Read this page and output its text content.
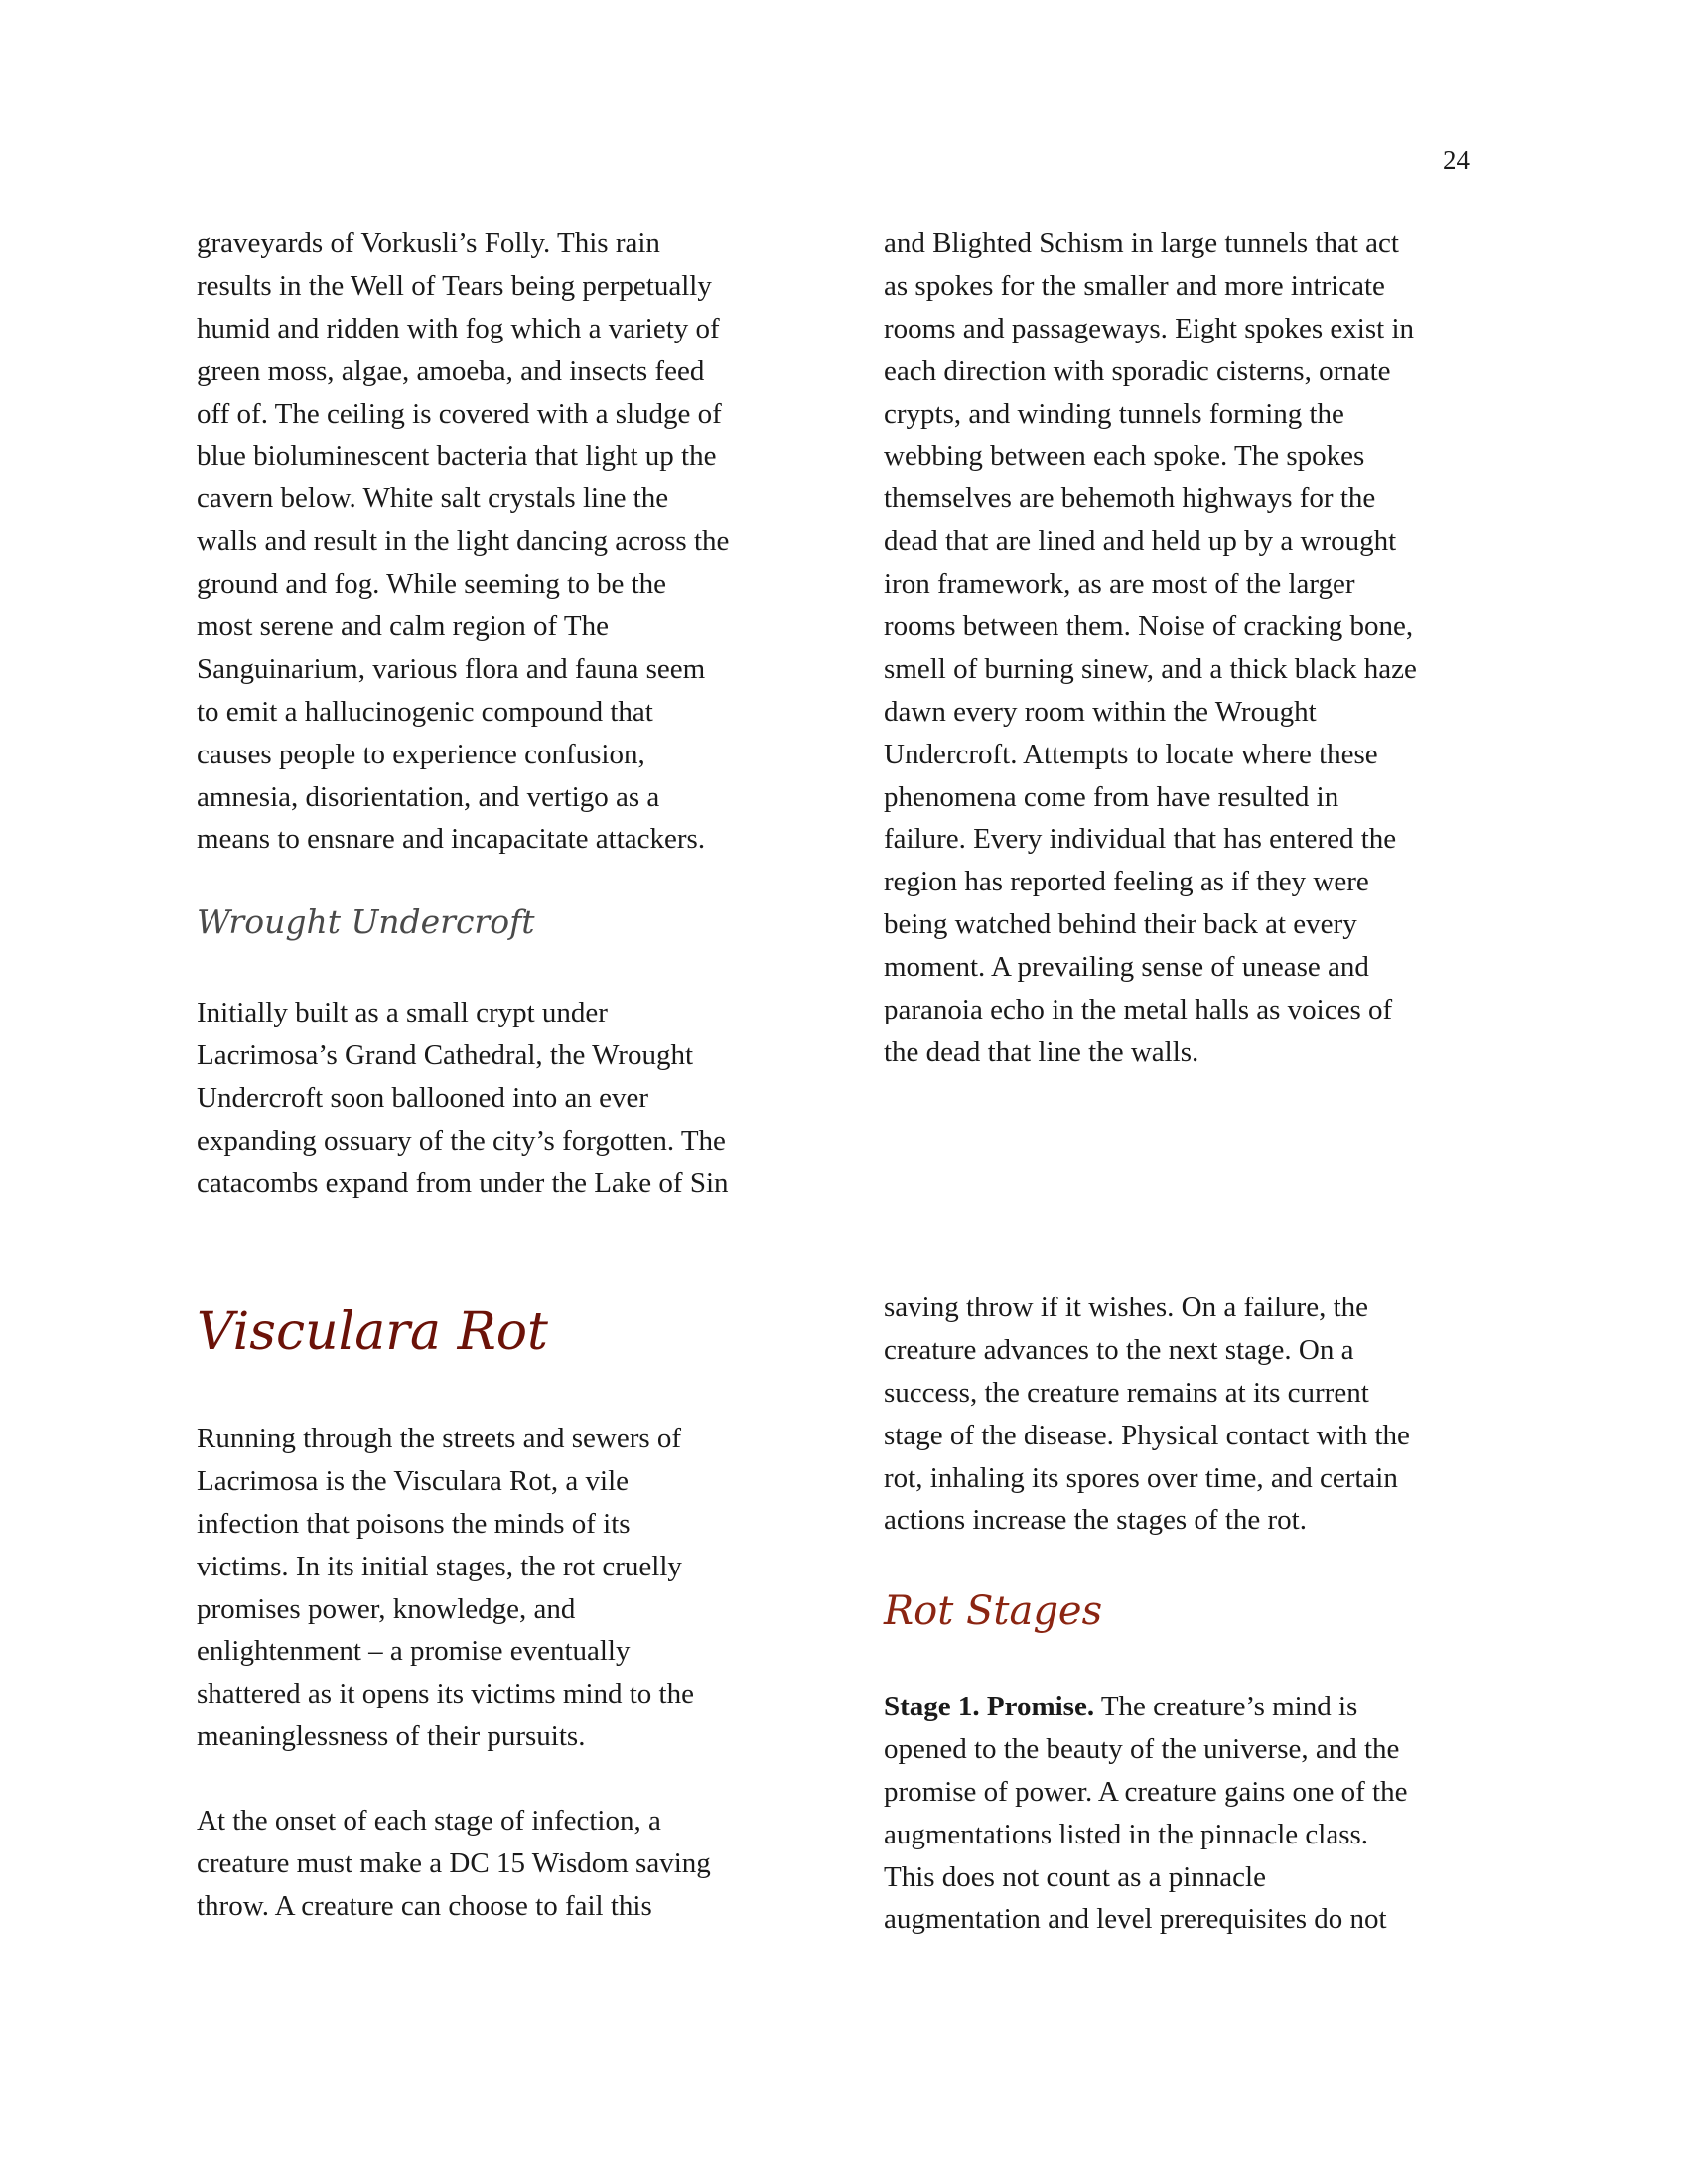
24
graveyards of Vorkusli’s Folly. This rain
results in the Well of Tears being perpetually
humid and ridden with fog which a variety of
green moss, algae, amoeba, and insects feed
off of. The ceiling is covered with a sludge of
blue bioluminescent bacteria that light up the
cavern below. White salt crystals line the
walls and result in the light dancing across the
ground and fog. While seeming to be the
most serene and calm region of The
Sanguinarium, various flora and fauna seem
to emit a hallucinogenic compound that
causes people to experience confusion,
amnesia, disorientation, and vertigo as a
means to ensnare and incapacitate attackers.
Wrought Undercroft
Initially built as a small crypt under
Lacrimosa’s Grand Cathedral, the Wrought
Undercroft soon ballooned into an ever
expanding ossuary of the city’s forgotten. The
catacombs expand from under the Lake of Sin
and Blighted Schism in large tunnels that act
as spokes for the smaller and more intricate
rooms and passageways. Eight spokes exist in
each direction with sporadic cisterns, ornate
crypts, and winding tunnels forming the
webbing between each spoke. The spokes
themselves are behemoth highways for the
dead that are lined and held up by a wrought
iron framework, as are most of the larger
rooms between them. Noise of cracking bone,
smell of burning sinew, and a thick black haze
dawn every room within the Wrought
Undercroft. Attempts to locate where these
phenomena come from have resulted in
failure. Every individual that has entered the
region has reported feeling as if they were
being watched behind their back at every
moment. A prevailing sense of unease and
paranoia echo in the metal halls as voices of
the dead that line the walls.
Visculara Rot
Running through the streets and sewers of
Lacrimosa is the Visculara Rot, a vile
infection that poisons the minds of its
victims. In its initial stages, the rot cruelly
promises power, knowledge, and
enlightenment – a promise eventually
shattered as it opens its victims mind to the
meaninglessness of their pursuits.
At the onset of each stage of infection, a
creature must make a DC 15 Wisdom saving
throw. A creature can choose to fail this
saving throw if it wishes. On a failure, the
creature advances to the next stage. On a
success, the creature remains at its current
stage of the disease. Physical contact with the
rot, inhaling its spores over time, and certain
actions increase the stages of the rot.
Rot Stages
Stage 1. Promise. The creature’s mind is
opened to the beauty of the universe, and the
promise of power. A creature gains one of the
augmentations listed in the pinnacle class.
This does not count as a pinnacle
augmentation and level prerequisites do not
